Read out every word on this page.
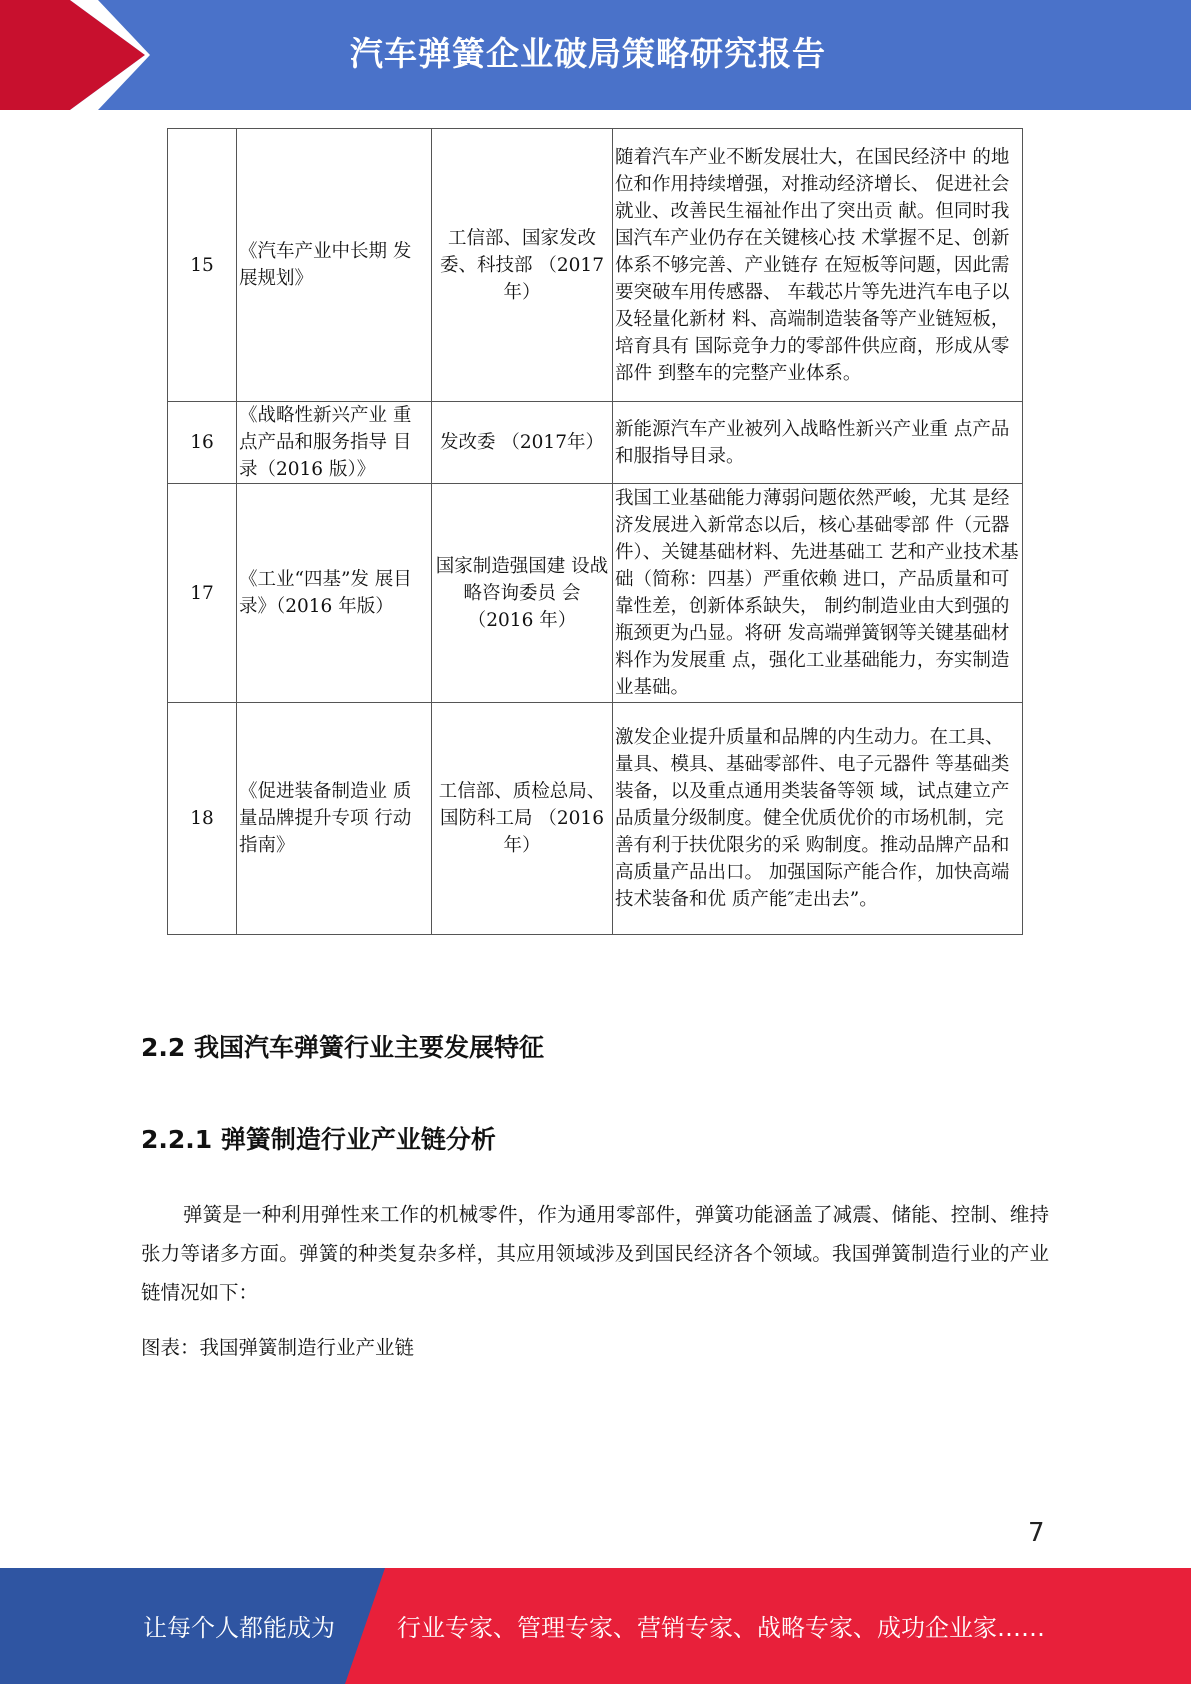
汽车弹簧企业破局策略研究报告
15	《汽车产业中长期 发展规划》	工信部、国家发改委、科技部 （2017年）	随着汽车产业不断发展壮大，在国民经济中 的地位和作用持续增强，对推动经济增长、 促进社会就业、改善民生福祉作出了突出贡 献。但同时我国汽车产业仍存在关键核心技 术掌握不足、创新体系不够完善、产业链存 在短板等问题，因此需要突破车用传感器、 车载芯片等先进汽车电子以及轻量化新材 料、高端制造装备等产业链短板，培育具有 国际竞争力的零部件供应商，形成从零部件 到整车的完整产业体系。
16	《战略性新兴产业 重点产品和服务指导 目录（2016 版）》	发改委 （2017年）	新能源汽车产业被列入战略性新兴产业重 点产品和服指导目录。
17	《工业“四基”发 展目录》（2016 年版）	国家制造强国建 设战略咨询委员 会（2016 年）	我国工业基础能力薄弱问题依然严峻，尤其 是经济发展进入新常态以后，核心基础零部 件（元器件）、关键基础材料、先进基础工 艺和产业技术基础（简称：四基）严重依赖 进口，产品质量和可靠性差，创新体系缺失， 制约制造业由大到强的瓶颈更为凸显。将研 发高端弹簧钢等关键基础材料作为发展重 点，强化工业基础能力，夯实制造业基础。
18	《促进装备制造业 质量品牌提升专项 行动指南》	工信部、质检总局、国防科工局 （2016 年）	激发企业提升质量和品牌的内生动力。在工具、量具、模具、基础零部件、电子元器件 等基础类装备，以及重点通用类装备等领 域，试点建立产品质量分级制度。健全优质优价的市场机制，完善有利于扶优限劣的采 购制度。推动品牌产品和高质量产品出口。 加强国际产能合作，加快高端技术装备和优 质产能″走出去”。
2.2 我国汽车弹簧行业主要发展特征
2.2.1 弹簧制造行业产业链分析
弹簧是一种利用弹性来工作的机械零件，作为通用零部件，弹簧功能涵盖了减震、储能、控制、维持张力等诸多方面。弹簧的种类复杂多样，其应用领域涉及到国民经济各个领域。我国弹簧制造行业的产业链情况如下：
图表：我国弹簧制造行业产业链
7
让每个人都能成为	行业专家、管理专家、营销专家、战略专家、成功企业家……
